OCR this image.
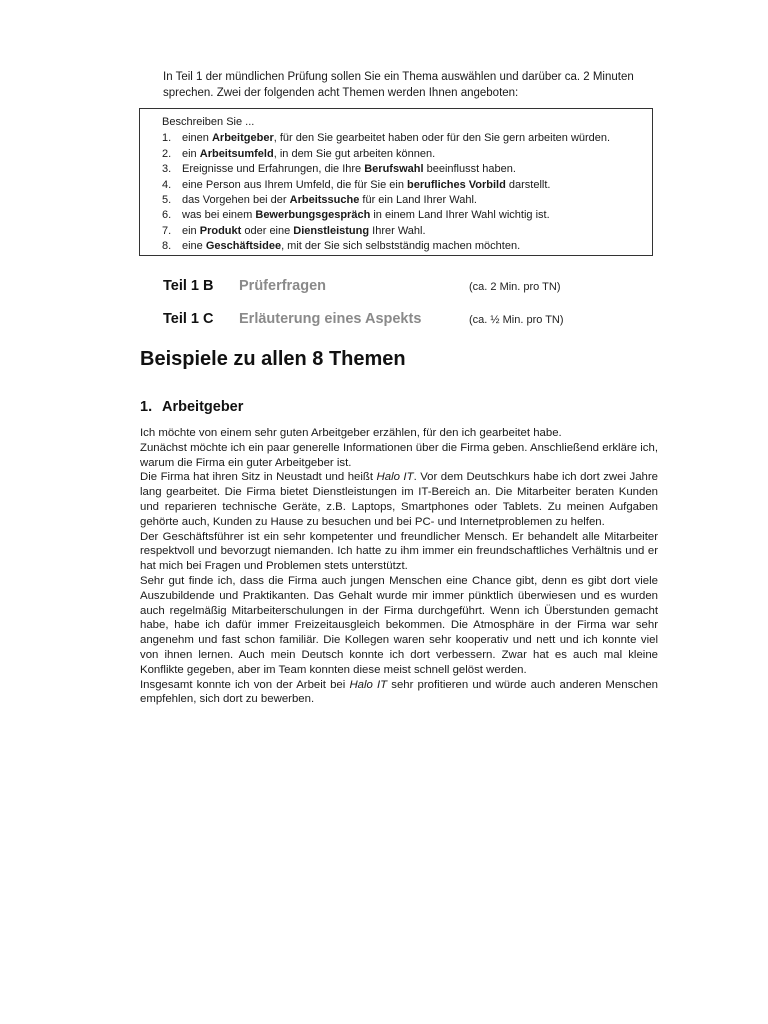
In Teil 1 der mündlichen Prüfung sollen Sie ein Thema auswählen und darüber ca. 2 Minuten
sprechen. Zwei der folgenden acht Themen werden Ihnen angeboten:
Beschreiben Sie ...
1. einen Arbeitgeber, für den Sie gearbeitet haben oder für den Sie gern arbeiten würden.
2. ein Arbeitsumfeld, in dem Sie gut arbeiten können.
3. Ereignisse und Erfahrungen, die Ihre Berufswahl beeinflusst haben.
4. eine Person aus Ihrem Umfeld, die für Sie ein berufliches Vorbild darstellt.
5. das Vorgehen bei der Arbeitssuche für ein Land Ihrer Wahl.
6. was bei einem Bewerbungsgespräch in einem Land Ihrer Wahl wichtig ist.
7. ein Produkt oder eine Dienstleistung Ihrer Wahl.
8. eine Geschäftsidee, mit der Sie sich selbstständig machen möchten.
Teil 1 B	Prüferfragen	(ca. 2 Min. pro TN)
Teil 1 C	Erläuterung eines Aspekts	(ca. ½ Min. pro TN)
Beispiele zu allen 8 Themen
1. Arbeitgeber

Ich möchte von einem sehr guten Arbeitgeber erzählen, für den ich gearbeitet habe.

Zunächst möchte ich ein paar generelle Informationen über die Firma geben. Anschließend erkläre ich, warum die Firma ein guter Arbeitgeber ist.

Die Firma hat ihren Sitz in Neustadt und heißt Halo IT. Vor dem Deutschkurs habe ich dort zwei Jahre lang gearbeitet. Die Firma bietet Dienstleistungen im IT-Bereich an. Die Mitarbeiter beraten Kunden und reparieren technische Geräte, z.B. Laptops, Smartphones oder Tablets. Zu meinen Aufgaben gehörte auch, Kunden zu Hause zu besuchen und bei PC- und Internetproblemen zu helfen.

Der Geschäftsführer ist ein sehr kompetenter und freundlicher Mensch. Er behandelt alle Mitarbeiter respektvoll und bevorzugt niemanden. Ich hatte zu ihm immer ein freundschaftliches Verhältnis und er hat mich bei Fragen und Problemen stets unterstützt.

Sehr gut finde ich, dass die Firma auch jungen Menschen eine Chance gibt, denn es gibt dort viele Auszubildende und Praktikanten. Das Gehalt wurde mir immer pünktlich überwiesen und es wurden auch regelmäßig Mitarbeiterschulungen in der Firma durchgeführt. Wenn ich Überstunden gemacht habe, habe ich dafür immer Freizeitausgleich bekommen. Die Atmosphäre in der Firma war sehr angenehm und fast schon familiär. Die Kollegen waren sehr kooperativ und nett und ich konnte viel von ihnen lernen. Auch mein Deutsch konnte ich dort verbessern. Zwar hat es auch mal kleine Konflikte gegeben, aber im Team konnten diese meist schnell gelöst werden.

Insgesamt konnte ich von der Arbeit bei Halo IT sehr profitieren und würde auch anderen Menschen empfehlen, sich dort zu bewerben.
